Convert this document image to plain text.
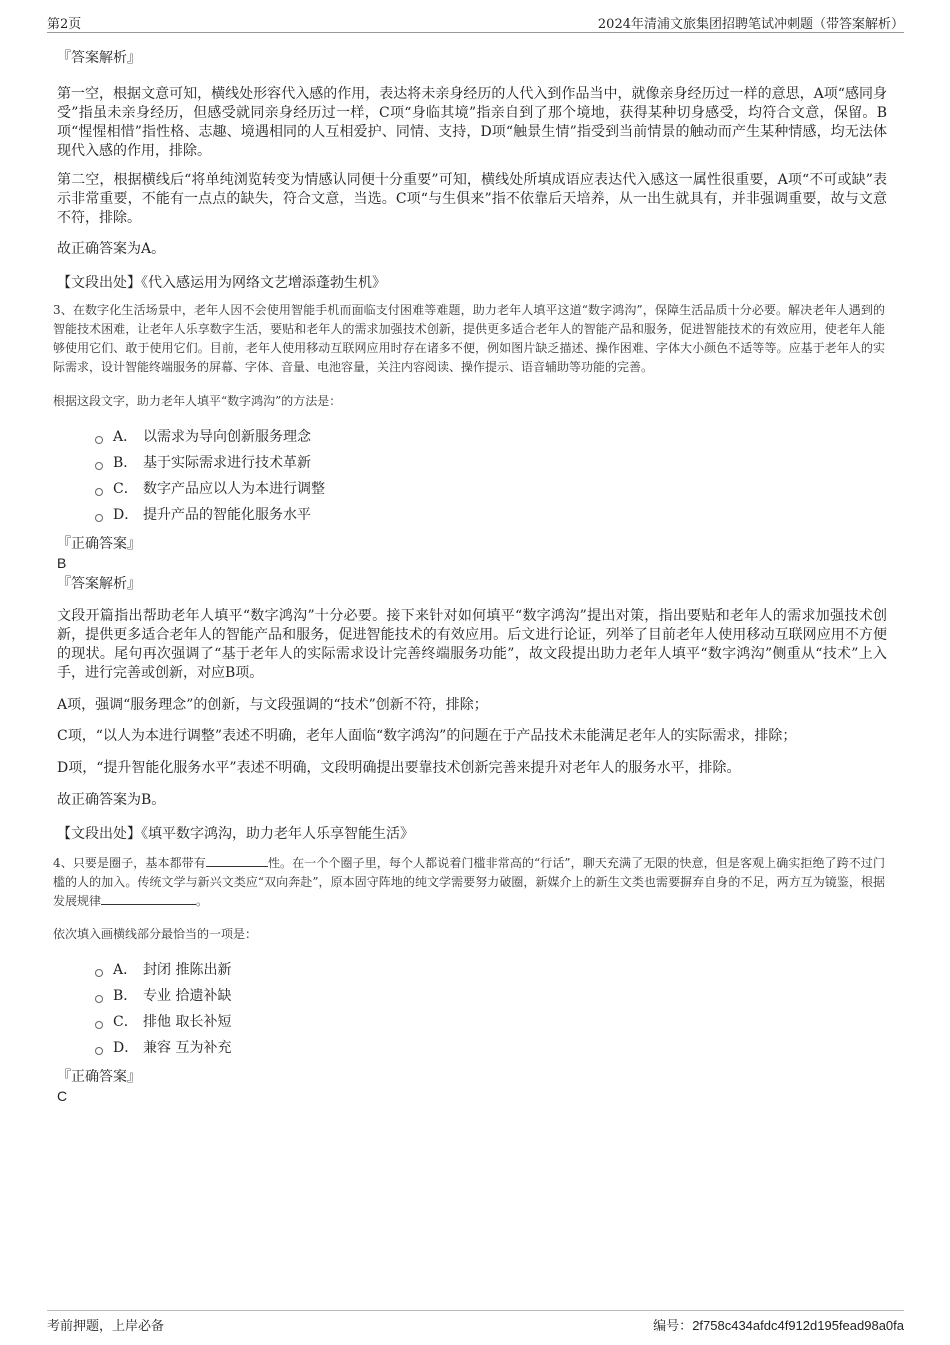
第2页	2024年清浦文旅集团招聘笔试冲刺题（带答案解析）
『答案解析』

第一空，根据文意可知，横线处形容代入感的作用，表达将未亲身经历的人代入到作品当中，就像亲身经历过一样的意思，A项“感同身受”指虽未亲身经历，但感受就同亲身经历过一样，C项“身临其境”指亲自到了那个境地，获得某种切身感受，均符合文意，保留。B项“惺惺相惜”指性格、志趣、境遇相同的人互相爱护、同情、支持，D项“触景生情”指受到当前情景的触动而产生某种情感，均无法体现代入感的作用，排除。

第二空，根据横线后“将单纯浏览转变为情感认同便十分重要”可知，横线处所填成语应表达代入感这一属性很重要，A项“不可或缺”表示非常重要，不能有一点点的缺失，符合文意，当选。C项“与生俱来”指不依靠后天培养，从一出生就具有，并非强调重要，故与文意不符，排除。

故正确答案为A。

【文段出处】《代入感运用为网络文艺增添蓬勃生机》

3、在数字化生活场景中，老年人因不会使用智能手机而面临支付困难等难题，助力老年人填平这道“数字鸿沟”，保障生活品质十分必要。解决老年人遇到的智能技术困难，让老年人乐享数字生活，要贴和老年人的需求加强技术创新，提供更多适合老年人的智能产品和服务，促进智能技术的有效应用，使老年人能够使用它们、敢于使用它们。目前，老年人使用移动互联网应用时存在诸多不便，例如图片缺乏描述、操作困难、字体大小颜色不适等等。应基于老年人的实际需求，设计智能终端服务的屏幕、字体、音量、电池容量，关注内容阅读、操作提示、语音辅助等功能的完善。

根据这段文字，助力老年人填平“数字鸿沟”的方法是：

A． 以需求为导向创新服务理念
B． 基于实际需求进行技术革新
C． 数字产品应以人为本进行调整
D． 提升产品的智能化服务水平
『正确答案』
B
『答案解析』

文段开篇指出帮助老年人填平“数字鸿沟”十分必要。接下来针对如何填平“数字鸿沟”提出对策，指出要贴和老年人的需求加强技术创新，提供更多适合老年人的智能产品和服务，促进智能技术的有效应用。后文进行论证，列举了目前老年人使用移动互联网应用不方便的现状。尾句再次强调了“基于老年人的实际需求设计完善终端服务功能”，故文段提出助力老年人填平“数字鸿沟”侧重从“技术”上入手，进行完善或创新，对应B项。

A项，强调“服务理念”的创新，与文段强调的“技术”创新不符，排除；

C项，“以人为本进行调整”表述不明确，老年人面临“数字鸿沟”的问题在于产品技术未能满足老年人的实际需求，排除；

D项，“提升智能化服务水平”表述不明确，文段明确提出要靠技术创新完善来提升对老年人的服务水平，排除。

故正确答案为B。

【文段出处】《填平数字鸿沟，助力老年人乐享智能生活》

4、只要是圈子，基本都带有	性。在一个个圈子里，每个人都说着门槛非常高的“行话”，聊天充满了无限的快意，但是客观上确实拒绝了跨不过门槛的人的加入。传统文学与新兴文类应“双向奔赴”，原本固守阵地的纯文学需要努力破圈，新媒介上的新生文类也需要摒弃自身的不足，两方互为镜鉴，根据发展规律	。

依次填入画横线部分最恰当的一项是：

A． 封闭 推陈出新
B． 专业 拾遗补缺
C． 排他 取长补短
D． 兼容 互为补充
『正确答案』
C
考前押题，上岸必备	编号：2f758c434afdc4f912d195fead98a0fa
